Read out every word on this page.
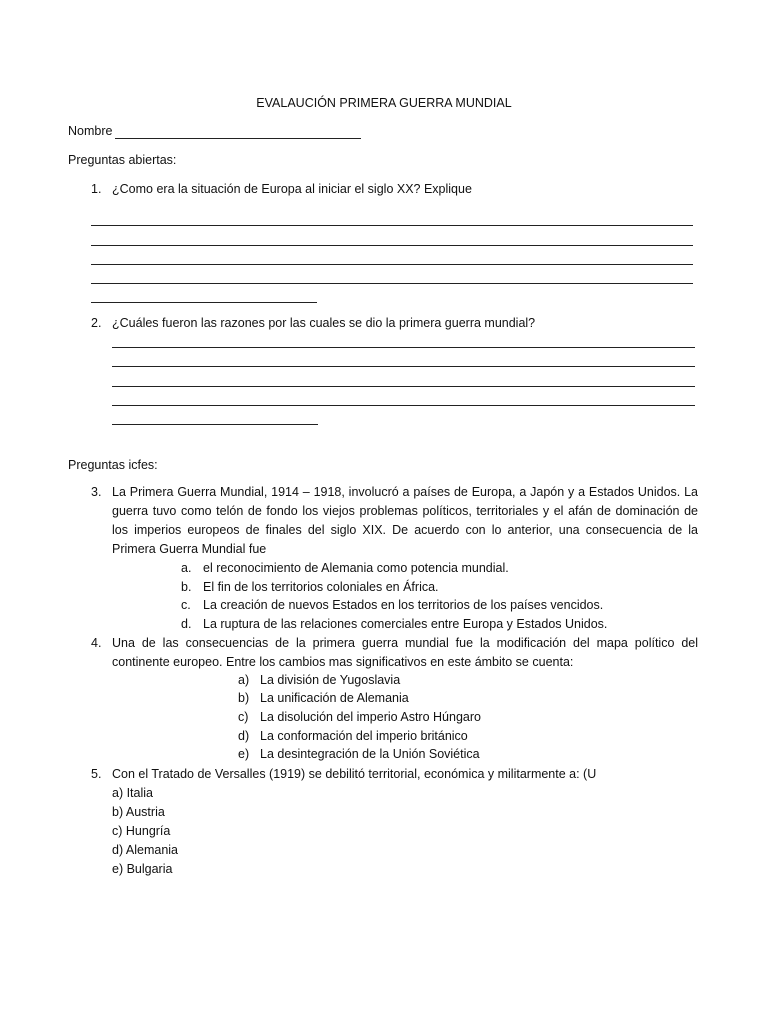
EVALAUCIÓN PRIMERA GUERRA MUNDIAL
Nombre
Preguntas abiertas:
1. ¿Como era la situación de Europa al iniciar el siglo XX? Explique
2. ¿Cuáles fueron las razones por las cuales se dio la primera guerra mundial?
Preguntas icfes:
3. La Primera Guerra Mundial, 1914 – 1918, involucró a países de Europa, a Japón y a Estados Unidos. La guerra tuvo como telón de fondo los viejos problemas políticos, territoriales y el afán de dominación de los imperios europeos de finales del siglo XIX. De acuerdo con lo anterior, una consecuencia de la Primera Guerra Mundial fue
a. el reconocimiento de Alemania como potencia mundial.
b. El fin de los territorios coloniales en África.
c. La creación de nuevos Estados en los territorios de los países vencidos.
d. La ruptura de las relaciones comerciales entre Europa y Estados Unidos.
4. Una de las consecuencias de la primera guerra mundial fue la modificación del mapa político del continente europeo. Entre los cambios mas significativos en este ámbito se cuenta:
a) La división de Yugoslavia
b) La unificación de Alemania
c) La disolución del imperio Astro Húngaro
d) La conformación del imperio británico
e) La desintegración de la Unión Soviética
5. Con el Tratado de Versalles (1919) se debilitó territorial, económica y militarmente a: (U
a) Italia
b) Austria
c) Hungría
d) Alemania
e) Bulgaria
